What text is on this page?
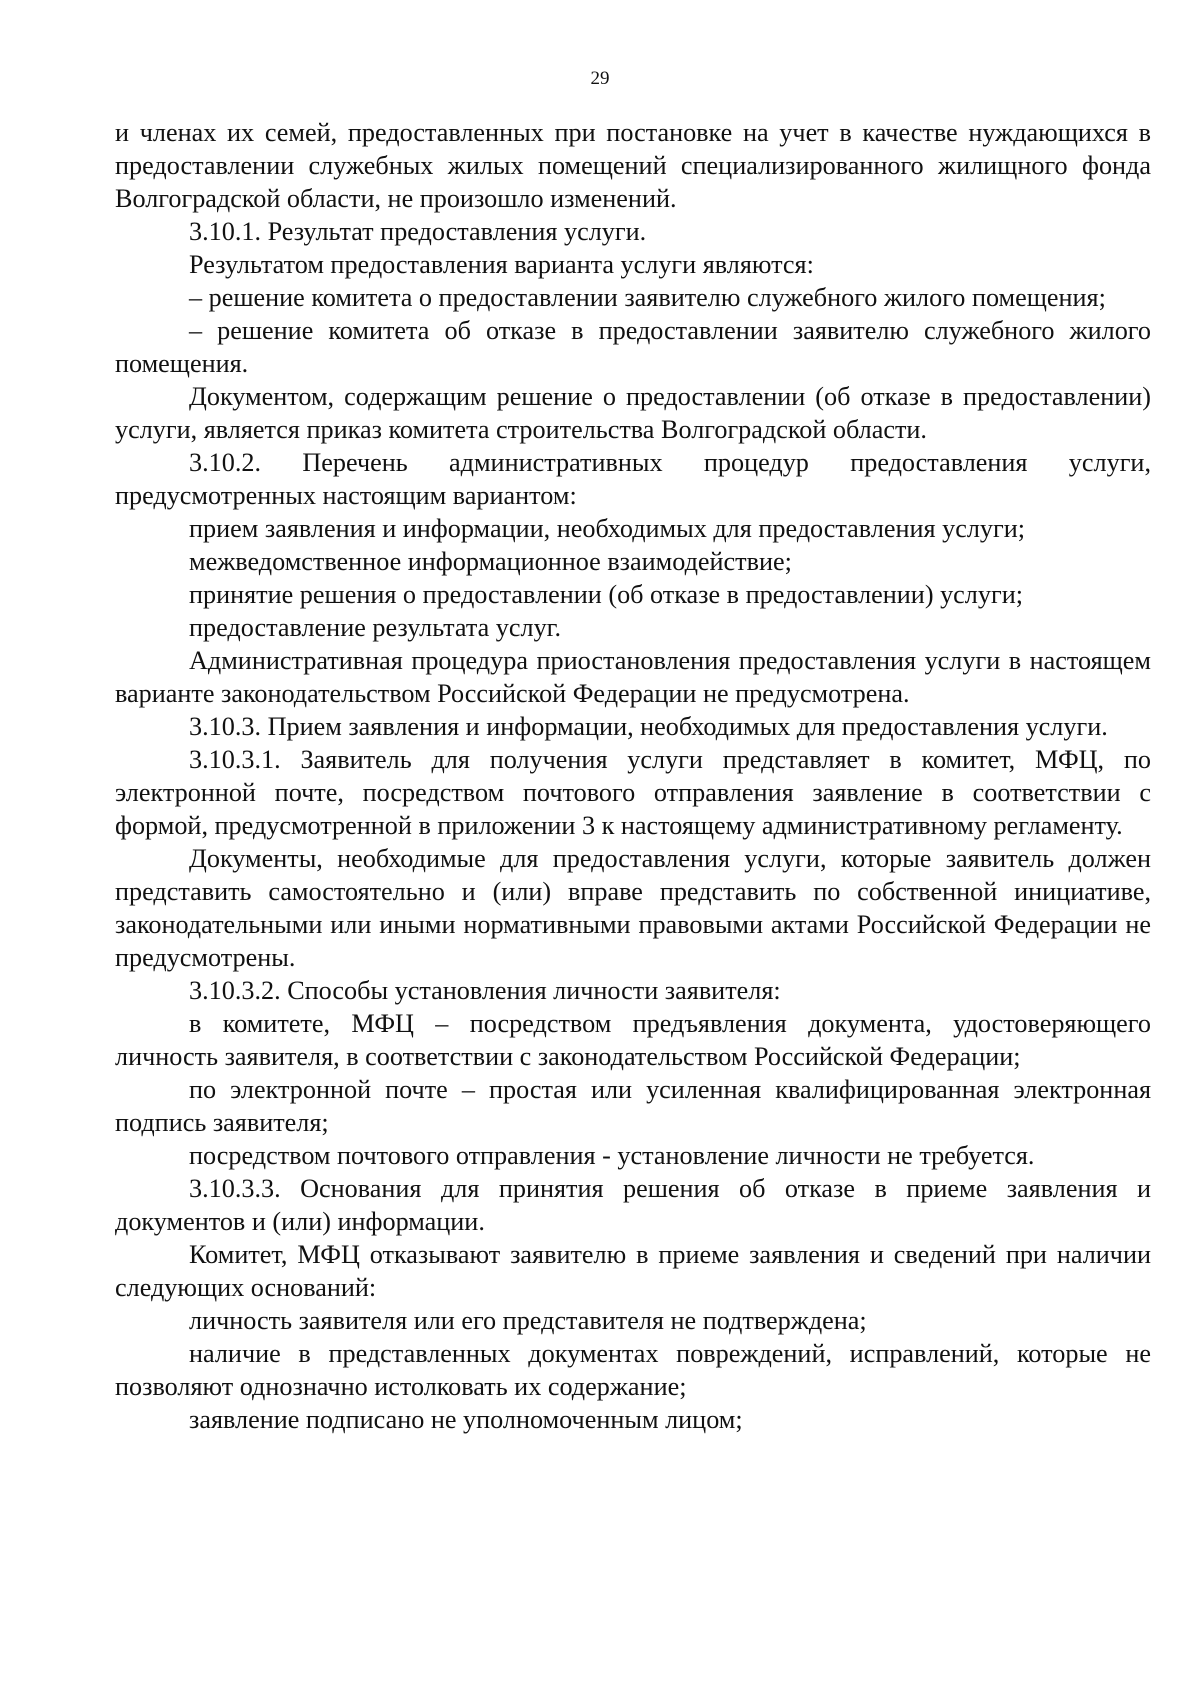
29

и членах их семей, предоставленных при постановке на учет в качестве нуждающихся в предоставлении служебных жилых помещений специализированного жилищного фонда Волгоградской области, не произошло изменений.

3.10.1. Результат предоставления услуги.

Результатом предоставления варианта услуги являются:

– решение комитета о предоставлении заявителю служебного жилого помещения;

– решение комитета об отказе в предоставлении заявителю служебного жилого помещения.

Документом, содержащим решение о предоставлении (об отказе в предоставлении) услуги, является приказ комитета строительства Волгоградской области.

3.10.2. Перечень административных процедур предоставления услуги, предусмотренных настоящим вариантом:

прием заявления и информации, необходимых для предоставления услуги;

межведомственное информационное взаимодействие;

принятие решения о предоставлении (об отказе в предоставлении) услуги;

предоставление результата услуг.

Административная процедура приостановления предоставления услуги в настоящем варианте законодательством Российской Федерации не предусмотрена.

3.10.3. Прием заявления и информации, необходимых для предоставления услуги.

3.10.3.1. Заявитель для получения услуги представляет в комитет, МФЦ, по электронной почте, посредством почтового отправления заявление в соответствии с формой, предусмотренной в приложении 3 к настоящему административному регламенту.

Документы, необходимые для предоставления услуги, которые заявитель должен представить самостоятельно и (или) вправе представить по собственной инициативе, законодательными или иными нормативными правовыми актами Российской Федерации не предусмотрены.

3.10.3.2. Способы установления личности заявителя:

в комитете, МФЦ – посредством предъявления документа, удостоверяющего личность заявителя, в соответствии с законодательством Российской Федерации;

по электронной почте – простая или усиленная квалифицированная электронная подпись заявителя;

посредством почтового отправления - установление личности не требуется.

3.10.3.3. Основания для принятия решения об отказе в приеме заявления и документов и (или) информации.

Комитет, МФЦ отказывают заявителю в приеме заявления и сведений при наличии следующих оснований:

личность заявителя или его представителя не подтверждена;

наличие в представленных документах повреждений, исправлений, которые не позволяют однозначно истолковать их содержание;

заявление подписано не уполномоченным лицом;
